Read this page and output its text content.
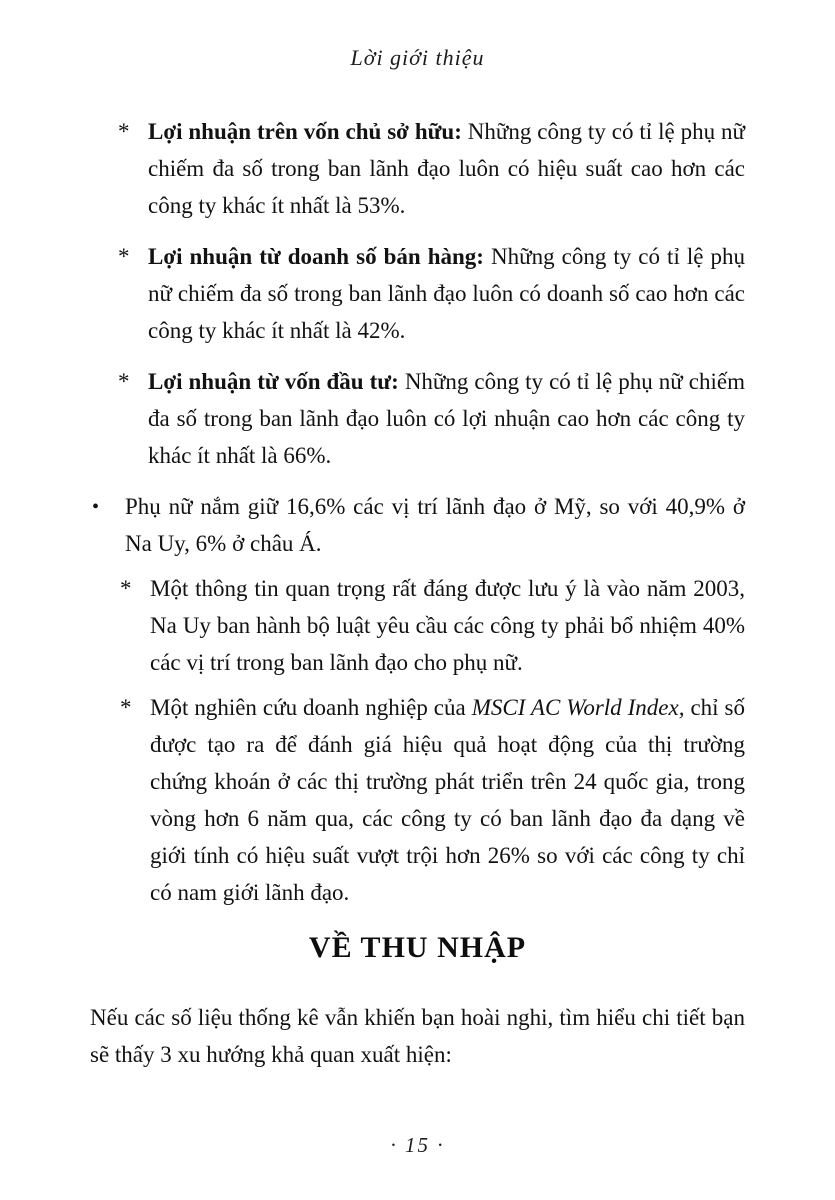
Lời giới thiệu
* Lợi nhuận trên vốn chủ sở hữu: Những công ty có tỉ lệ phụ nữ chiếm đa số trong ban lãnh đạo luôn có hiệu suất cao hơn các công ty khác ít nhất là 53%.

* Lợi nhuận từ doanh số bán hàng: Những công ty có tỉ lệ phụ nữ chiếm đa số trong ban lãnh đạo luôn có doanh số cao hơn các công ty khác ít nhất là 42%.

* Lợi nhuận từ vốn đầu tư: Những công ty có tỉ lệ phụ nữ chiếm đa số trong ban lãnh đạo luôn có lợi nhuận cao hơn các công ty khác ít nhất là 66%.

• Phụ nữ nắm giữ 16,6% các vị trí lãnh đạo ở Mỹ, so với 40,9% ở Na Uy, 6% ở châu Á.

* Một thông tin quan trọng rất đáng được lưu ý là vào năm 2003, Na Uy ban hành bộ luật yêu cầu các công ty phải bổ nhiệm 40% các vị trí trong ban lãnh đạo cho phụ nữ.

* Một nghiên cứu doanh nghiệp của MSCI AC World Index, chỉ số được tạo ra để đánh giá hiệu quả hoạt động của thị trường chứng khoán ở các thị trường phát triển trên 24 quốc gia, trong vòng hơn 6 năm qua, các công ty có ban lãnh đạo đa dạng về giới tính có hiệu suất vượt trội hơn 26% so với các công ty chỉ có nam giới lãnh đạo.

VỀ THU NHẬP

Nếu các số liệu thống kê vẫn khiến bạn hoài nghi, tìm hiểu chi tiết bạn sẽ thấy 3 xu hướng khả quan xuất hiện:

· 15 ·
